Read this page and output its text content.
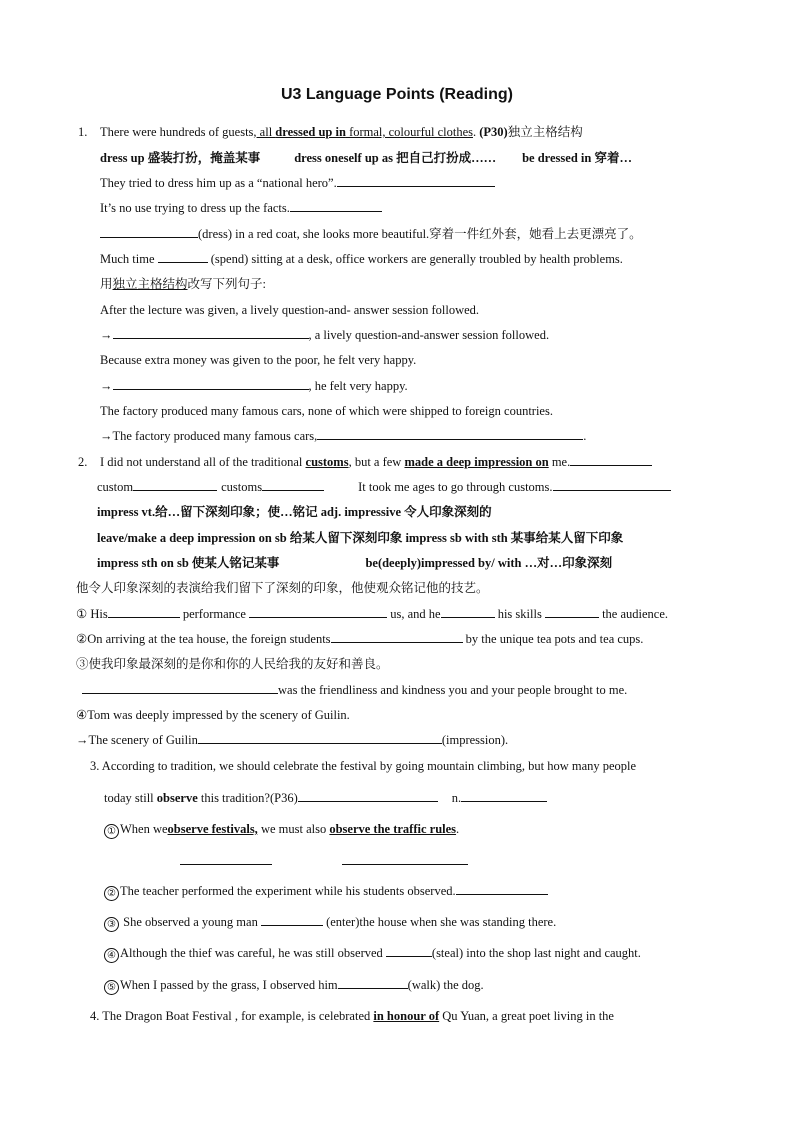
U3 Language Points (Reading)
1. There were hundreds of guests, all dressed up in formal, colourful clothes. (P30)独立主格结构
dress up 盛装打扮，掩盖某事	dress oneself up as 把自己打扮成…… be dressed in 穿着…
They tried to dress him up as a “national hero”.
It’s no use trying to dress up the facts.
(dress) in a red coat, she looks more beautiful.穿着一件红外套，她看上去更漂亮了。
Much time	(spend) sitting at a desk, office workers are generally troubled by health problems.
用独立主格结构改写下列句子:
After the lecture was given, a lively question-and- answer session followed.
→	, a lively question-and-answer session followed.
Because extra money was given to the poor, he felt very happy.
→	, he felt very happy.
The factory produced many famous cars, none of which were shipped to foreign countries.
→The factory produced many famous cars,	.
2. I did not understand all of the traditional customs, but a few made a deep impression on me.
custom	customs	It took me ages to go through customs.
impress vt.给…留下深刻印象；使…铭记 adj. impressive 令人印象深刻的
leave/make a deep impression on sb 给某人留下深刻印象 impress sb with sth 某事给某人留下印象
impress sth on sb 使某人铭记某事	be(deeply)impressed by/ with …对…印象深刻
他令人印象深刻的表演给我们留下了深刻的印象，他使观众铭记他的技艺。
① His	performance	us, and he	his skills	the audience.
②On arriving at the tea house, the foreign students	by the unique tea pots and tea cups.
③使我印象最深刻的是你和你的人民给我的友好和善良。
was the friendliness and kindness you and your people brought to me.
④Tom was deeply impressed by the scenery of Guilin.
→The scenery of Guilin	(impression).
3. According to tradition, we should celebrate the festival by going mountain climbing, but how many people
today still observe this tradition?(P36)	n.
① When weobserve festivals, we must also observe the traffic rules.
② The teacher performed the experiment while his students observed.
③ She observed a young man	(enter)the house when she was standing there.
④ Although the thief was careful, he was still observed	(steal) into the shop last night and caught.
⑤ When I passed by the grass, I observed him	(walk) the dog.
4. The Dragon Boat Festival , for example, is celebrated in honour of Qu Yuan, a great poet living in the
